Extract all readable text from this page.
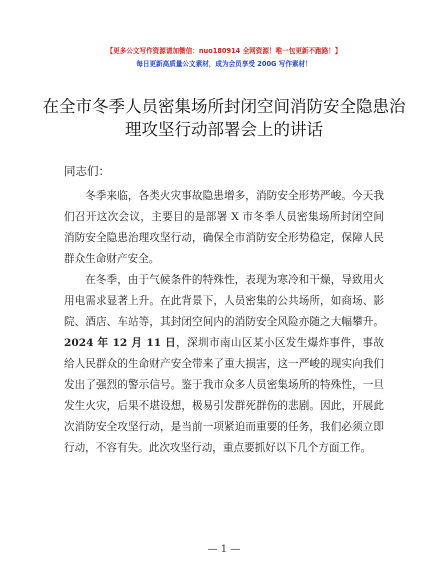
【更多公文写作资源请加微信：nuo180914 全网资源！唯一包更新不跑路！】
每日更新高质量公文素材，成为会员享受 200G 写作素材！
在全市冬季人员密集场所封闭空间消防安全隐患治理攻坚行动部署会上的讲话
同志们：

冬季来临，各类火灾事故隐患增多，消防安全形势严峻。今天我们召开这次会议，主要目的是部署 X 市冬季人员密集场所封闭空间消防安全隐患治理攻坚行动，确保全市消防安全形势稳定，保障人民群众生命财产安全。

在冬季，由于气候条件的特殊性，表现为寒冷和干燥，导致用火用电需求显著上升。在此背景下，人员密集的公共场所，如商场、影院、酒店、车站等，其封闭空间内的消防安全风险亦随之大幅攀升。2024 年 12 月 11 日，深圳市南山区某小区发生爆炸事件，事故给人民群众的生命财产安全带来了重大损害，这一严峻的现实向我们发出了强烈的警示信号。鉴于我市众多人员密集场所的特殊性，一旦发生火灾，后果不堪设想，极易引发群死群伤的悲剧。因此，开展此次消防安全攻坚行动，是当前一项紧迫而重要的任务，我们必须立即行动，不容有失。此次攻坚行动，重点要抓好以下几个方面工作。

— 1 —
